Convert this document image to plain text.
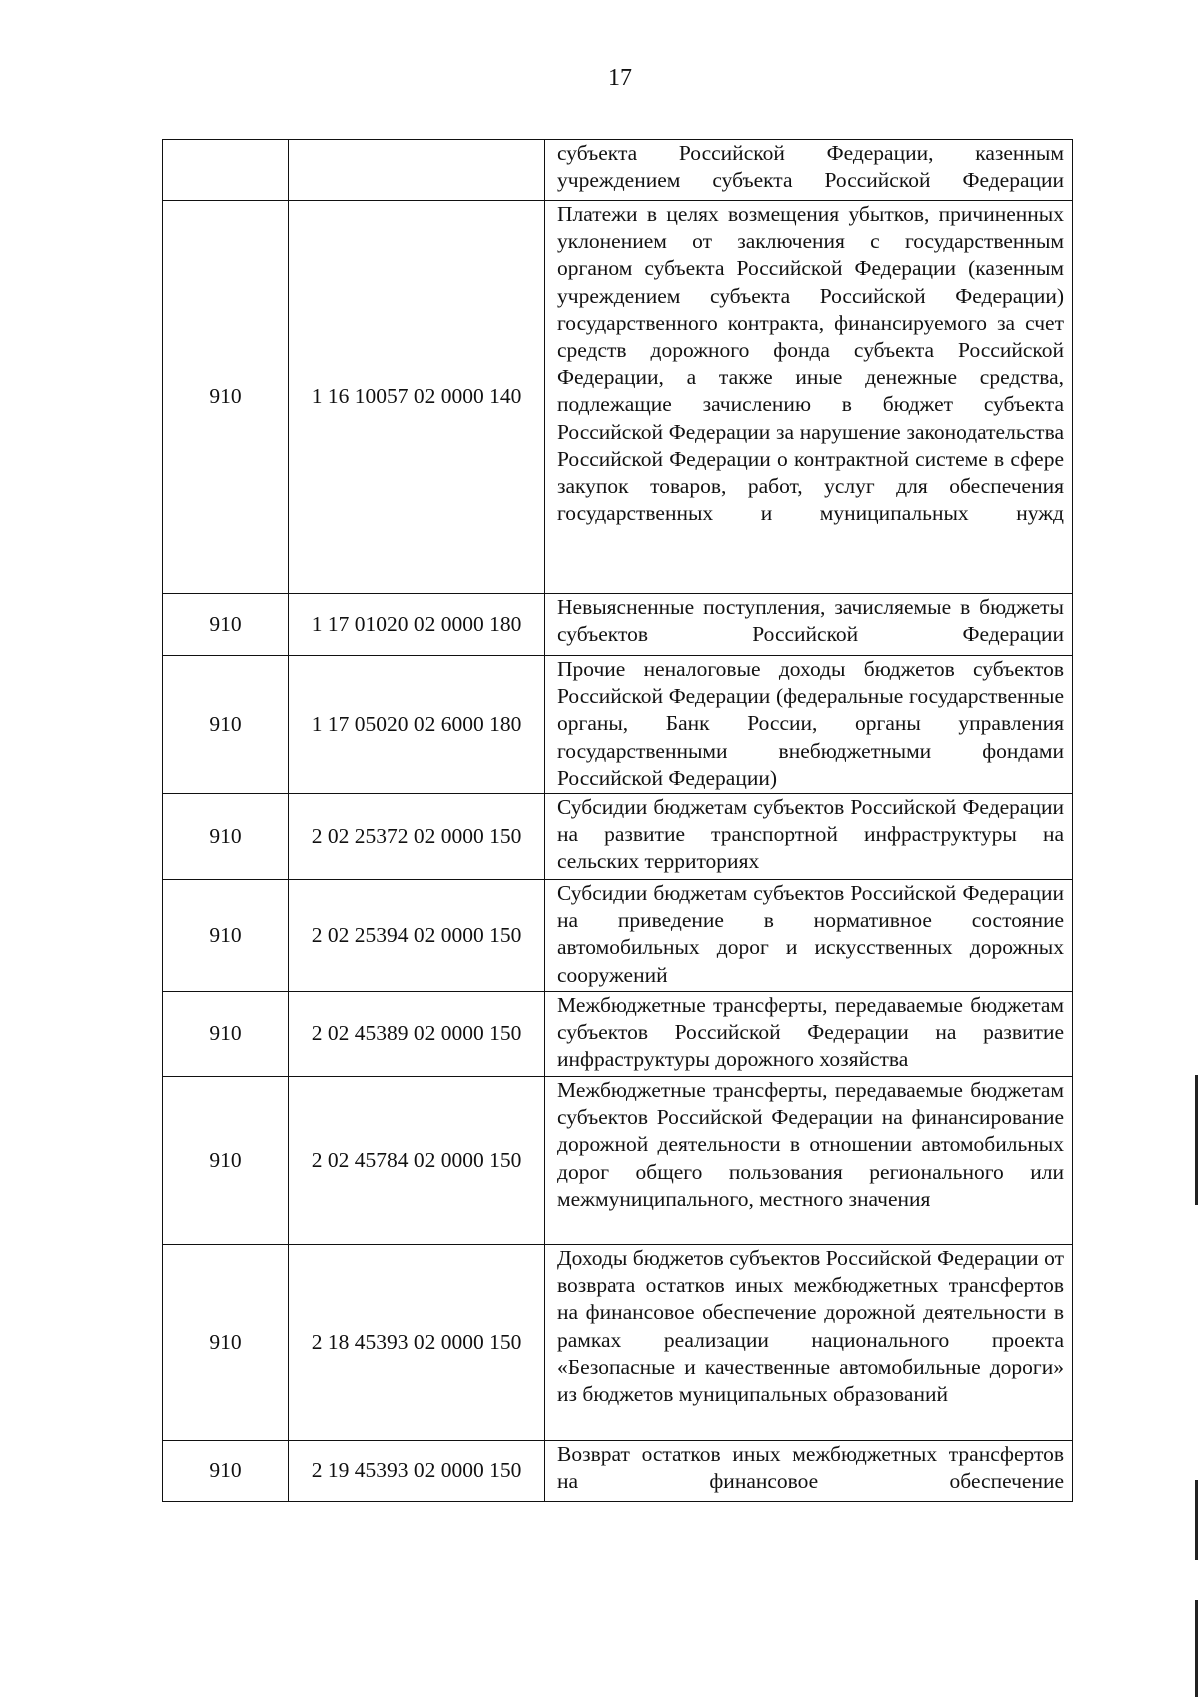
17
		субъекта Российской Федерации, казенным учреждением субъекта Российской Федерации
910	1 16 10057 02 0000 140	Платежи в целях возмещения убытков, причиненных уклонением от заключения с государственным органом субъекта Российской Федерации (казенным учреждением субъекта Российской Федерации) государственного контракта, финансируемого за счет средств дорожного фонда субъекта Российской Федерации, а также иные денежные средства, подлежащие зачислению в бюджет субъекта Российской Федерации за нарушение законодательства Российской Федерации о контрактной системе в сфере закупок товаров, работ, услуг для обеспечения государственных и муниципальных нужд
910	1 17 01020 02 0000 180	Невыясненные поступления, зачисляемые в бюджеты субъектов Российской Федерации
910	1 17 05020 02 6000 180	Прочие неналоговые доходы бюджетов субъектов Российской Федерации (федеральные государственные органы, Банк России, органы управления государственными внебюджетными фондами Российской Федерации)
910	2 02 25372 02 0000 150	Субсидии бюджетам субъектов Российской Федерации на развитие транспортной инфраструктуры на сельских территориях
910	2 02 25394 02 0000 150	Субсидии бюджетам субъектов Российской Федерации на приведение в нормативное состояние автомобильных дорог и искусственных дорожных сооружений
910	2 02 45389 02 0000 150	Межбюджетные трансферты, передаваемые бюджетам субъектов Российской Федерации на развитие инфраструктуры дорожного хозяйства
910	2 02 45784 02 0000 150	Межбюджетные трансферты, передаваемые бюджетам субъектов Российской Федерации на финансирование дорожной деятельности в отношении автомобильных дорог общего пользования регионального или межмуниципального, местного значения
910	2 18 45393 02 0000 150	Доходы бюджетов субъектов Российской Федерации от возврата остатков иных межбюджетных трансфертов на финансовое обеспечение дорожной деятельности в рамках реализации национального проекта «Безопасные и качественные автомобильные дороги» из бюджетов муниципальных образований
910	2 19 45393 02 0000 150	Возврат остатков иных межбюджетных трансфертов на финансовое обеспечение
